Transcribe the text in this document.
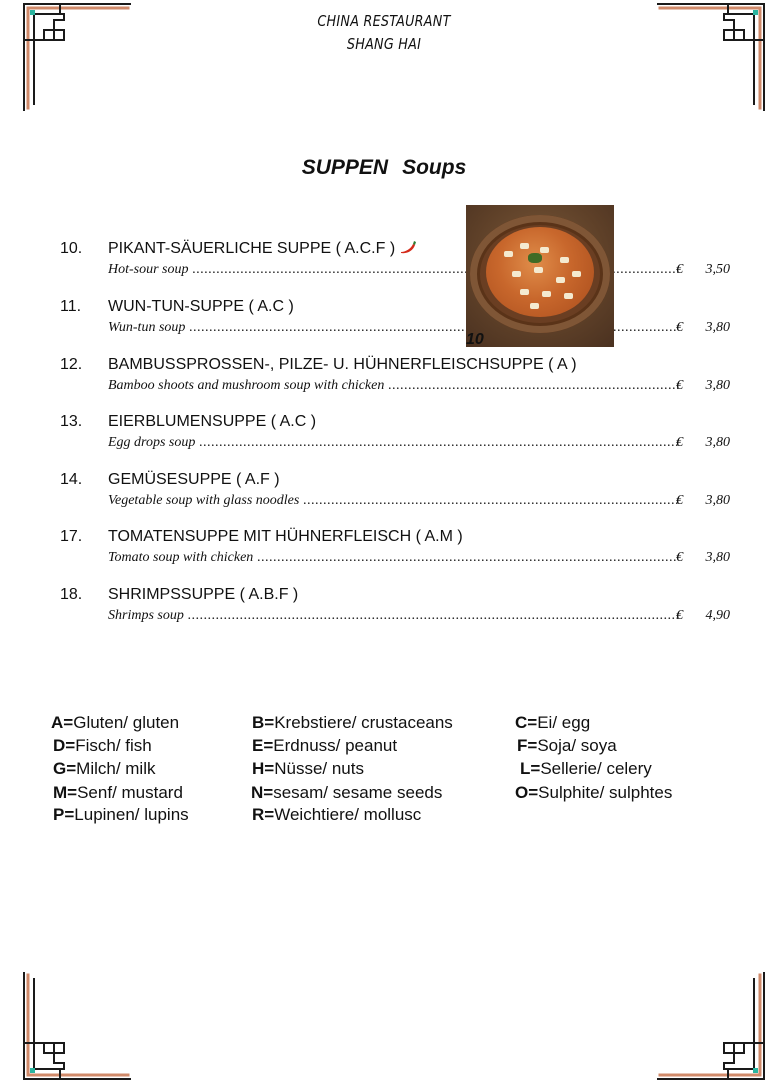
CHINA RESTAURANT
SHANG HAI
SUPPEN Soups
10
10. PIKANT-SÄUERLICHE SUPPE ( A.C.F )
Hot-sour soup .....	€	3,50
11. WUN-TUN-SUPPE ( A.C )
Wun-tun soup .....	€	3,80
12. BAMBUSSPROSSEN-, PILZE- U. HÜHNERFLEISCHSUPPE ( A )
Bamboo shoots and mushroom soup with chicken .....	€	3,80
13. EIERBLUMENSUPPE ( A.C )
Egg drops soup .....	€	3,80
14. GEMÜSESUPPE ( A.F )
Vegetable soup with glass noodles .....	€	3,80
17. TOMATENSUPPE MIT HÜHNERFLEISCH ( A.M )
Tomato soup with chicken .....	€	3,80
18. SHRIMPSSUPPE ( A.B.F )
Shrimps soup .....	€	4,90
A=Gluten/ gluten	B=Krebstiere/ crustaceans	C=Ei/ egg
D=Fisch/ fish	E=Erdnuss/ peanut	F=Soja/ soya
G=Milch/ milk	H=Nüsse/ nuts	L=Sellerie/ celery
M=Senf/ mustard	N=sesam/ sesame seeds	O=Sulphite/ sulphtes
P=Lupinen/ lupins	R=Weichtiere/ mollusc
